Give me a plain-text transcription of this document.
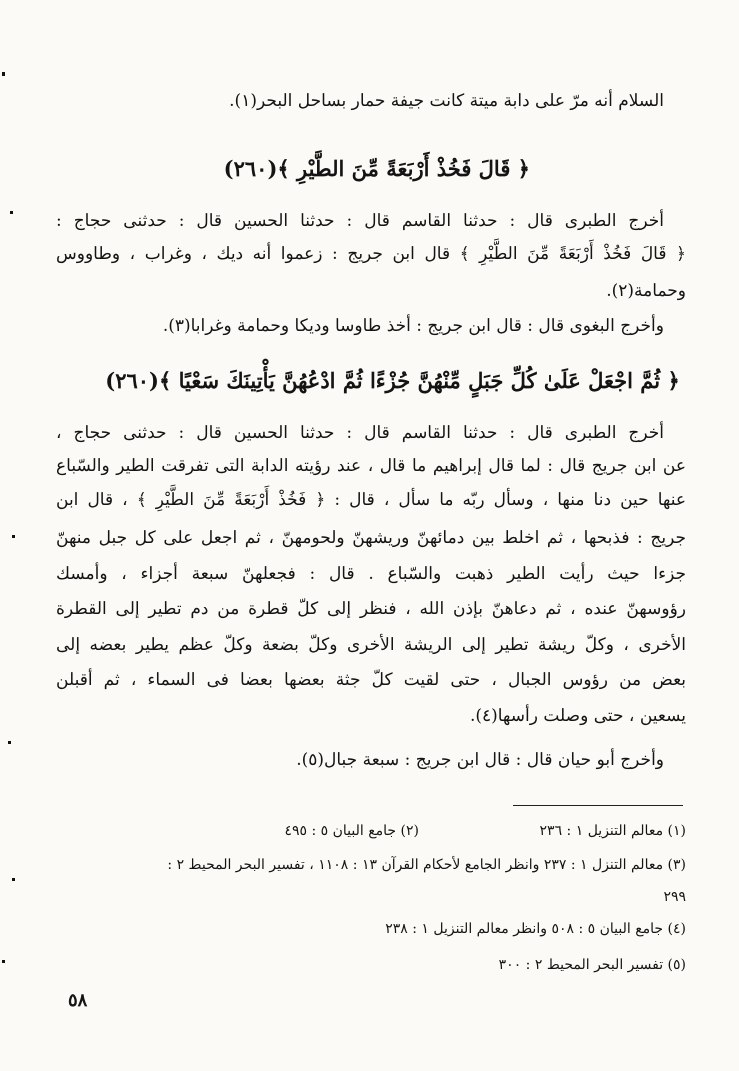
السلام أنه مرّ على دابة ميتة كانت جيفة حمار بساحل البحر(١).
﴿ قَالَ فَخُذْ أَرْبَعَةً مِّنَ الطَّيْرِ ﴾(٢٦٠)
أخرج الطبرى قال : حدثنا القاسم قال : حدثنا الحسين قال : حدثنى حجاج :
﴿ قَالَ فَخُذْ أَرْبَعَةً مِّنَ الطَّيْرِ ﴾ قال ابن جريج : زعموا أنه ديك ، وغراب ، وطاووس
وحمامة(٢).
وأخرج البغوى قال : قال ابن جريج : أخذ طاوسا وديكا وحمامة وغرابا(٣).
﴿ ثُمَّ اجْعَلْ عَلَىٰ كُلِّ جَبَلٍ مِّنْهُنَّ جُزْءًا ثُمَّ ادْعُهُنَّ يَأْتِينَكَ سَعْيًا ﴾(٢٦٠)
أخرج الطبرى قال : حدثنا القاسم قال : حدثنا الحسين قال : حدثنى حجاج ،
عن ابن جريج قال : لما قال إبراهيم ما قال ، عند رؤيته الدابة التى تفرقت الطير والسّباع
عنها حين دنا منها ، وسأل ربّه ما سأل ، قال : ﴿ فَخُذْ أَرْبَعَةً مِّنَ الطَّيْرِ ﴾ ، قال ابن
جريج : فذبحها ، ثم اخلط بين دمائهنّ وريشهنّ ولحومهنّ ، ثم اجعل على كل جبل منهنّ
جزءا حيث رأيت الطير ذهبت والسّباع . قال : فجعلهنّ سبعة أجزاء ، وأمسك
رؤوسهنّ عنده ، ثم دعاهنّ بإذن الله ، فنظر إلى كلّ قطرة من دم تطير إلى القطرة
الأخرى ، وكلّ ريشة تطير إلى الريشة الأخرى وكلّ بضعة وكلّ عظم يطير بعضه إلى
بعض من رؤوس الجبال ، حتى لقيت كلّ جثة بعضها بعضا فى السماء ، ثم أقبلن
يسعين ، حتى وصلت رأسها(٤).
وأخرج أبو حيان قال : قال ابن جريج : سبعة جبال(٥).
(١) معالم التنزيل ١ : ٢٣٦
(٢) جامع البيان ٥ : ٤٩٥
(٣) معالم التنزل ١ : ٢٣٧ وانظر الجامع لأحكام القرآن ١٣ : ١١٠٨ ، تفسير البحر المحيط ٢ :
٢٩٩
(٤) جامع البيان ٥ : ٥٠٨ وانظر معالم التنزيل ١ : ٢٣٨
(٥) تفسير البحر المحيط ٢ : ٣٠٠
٥٨
